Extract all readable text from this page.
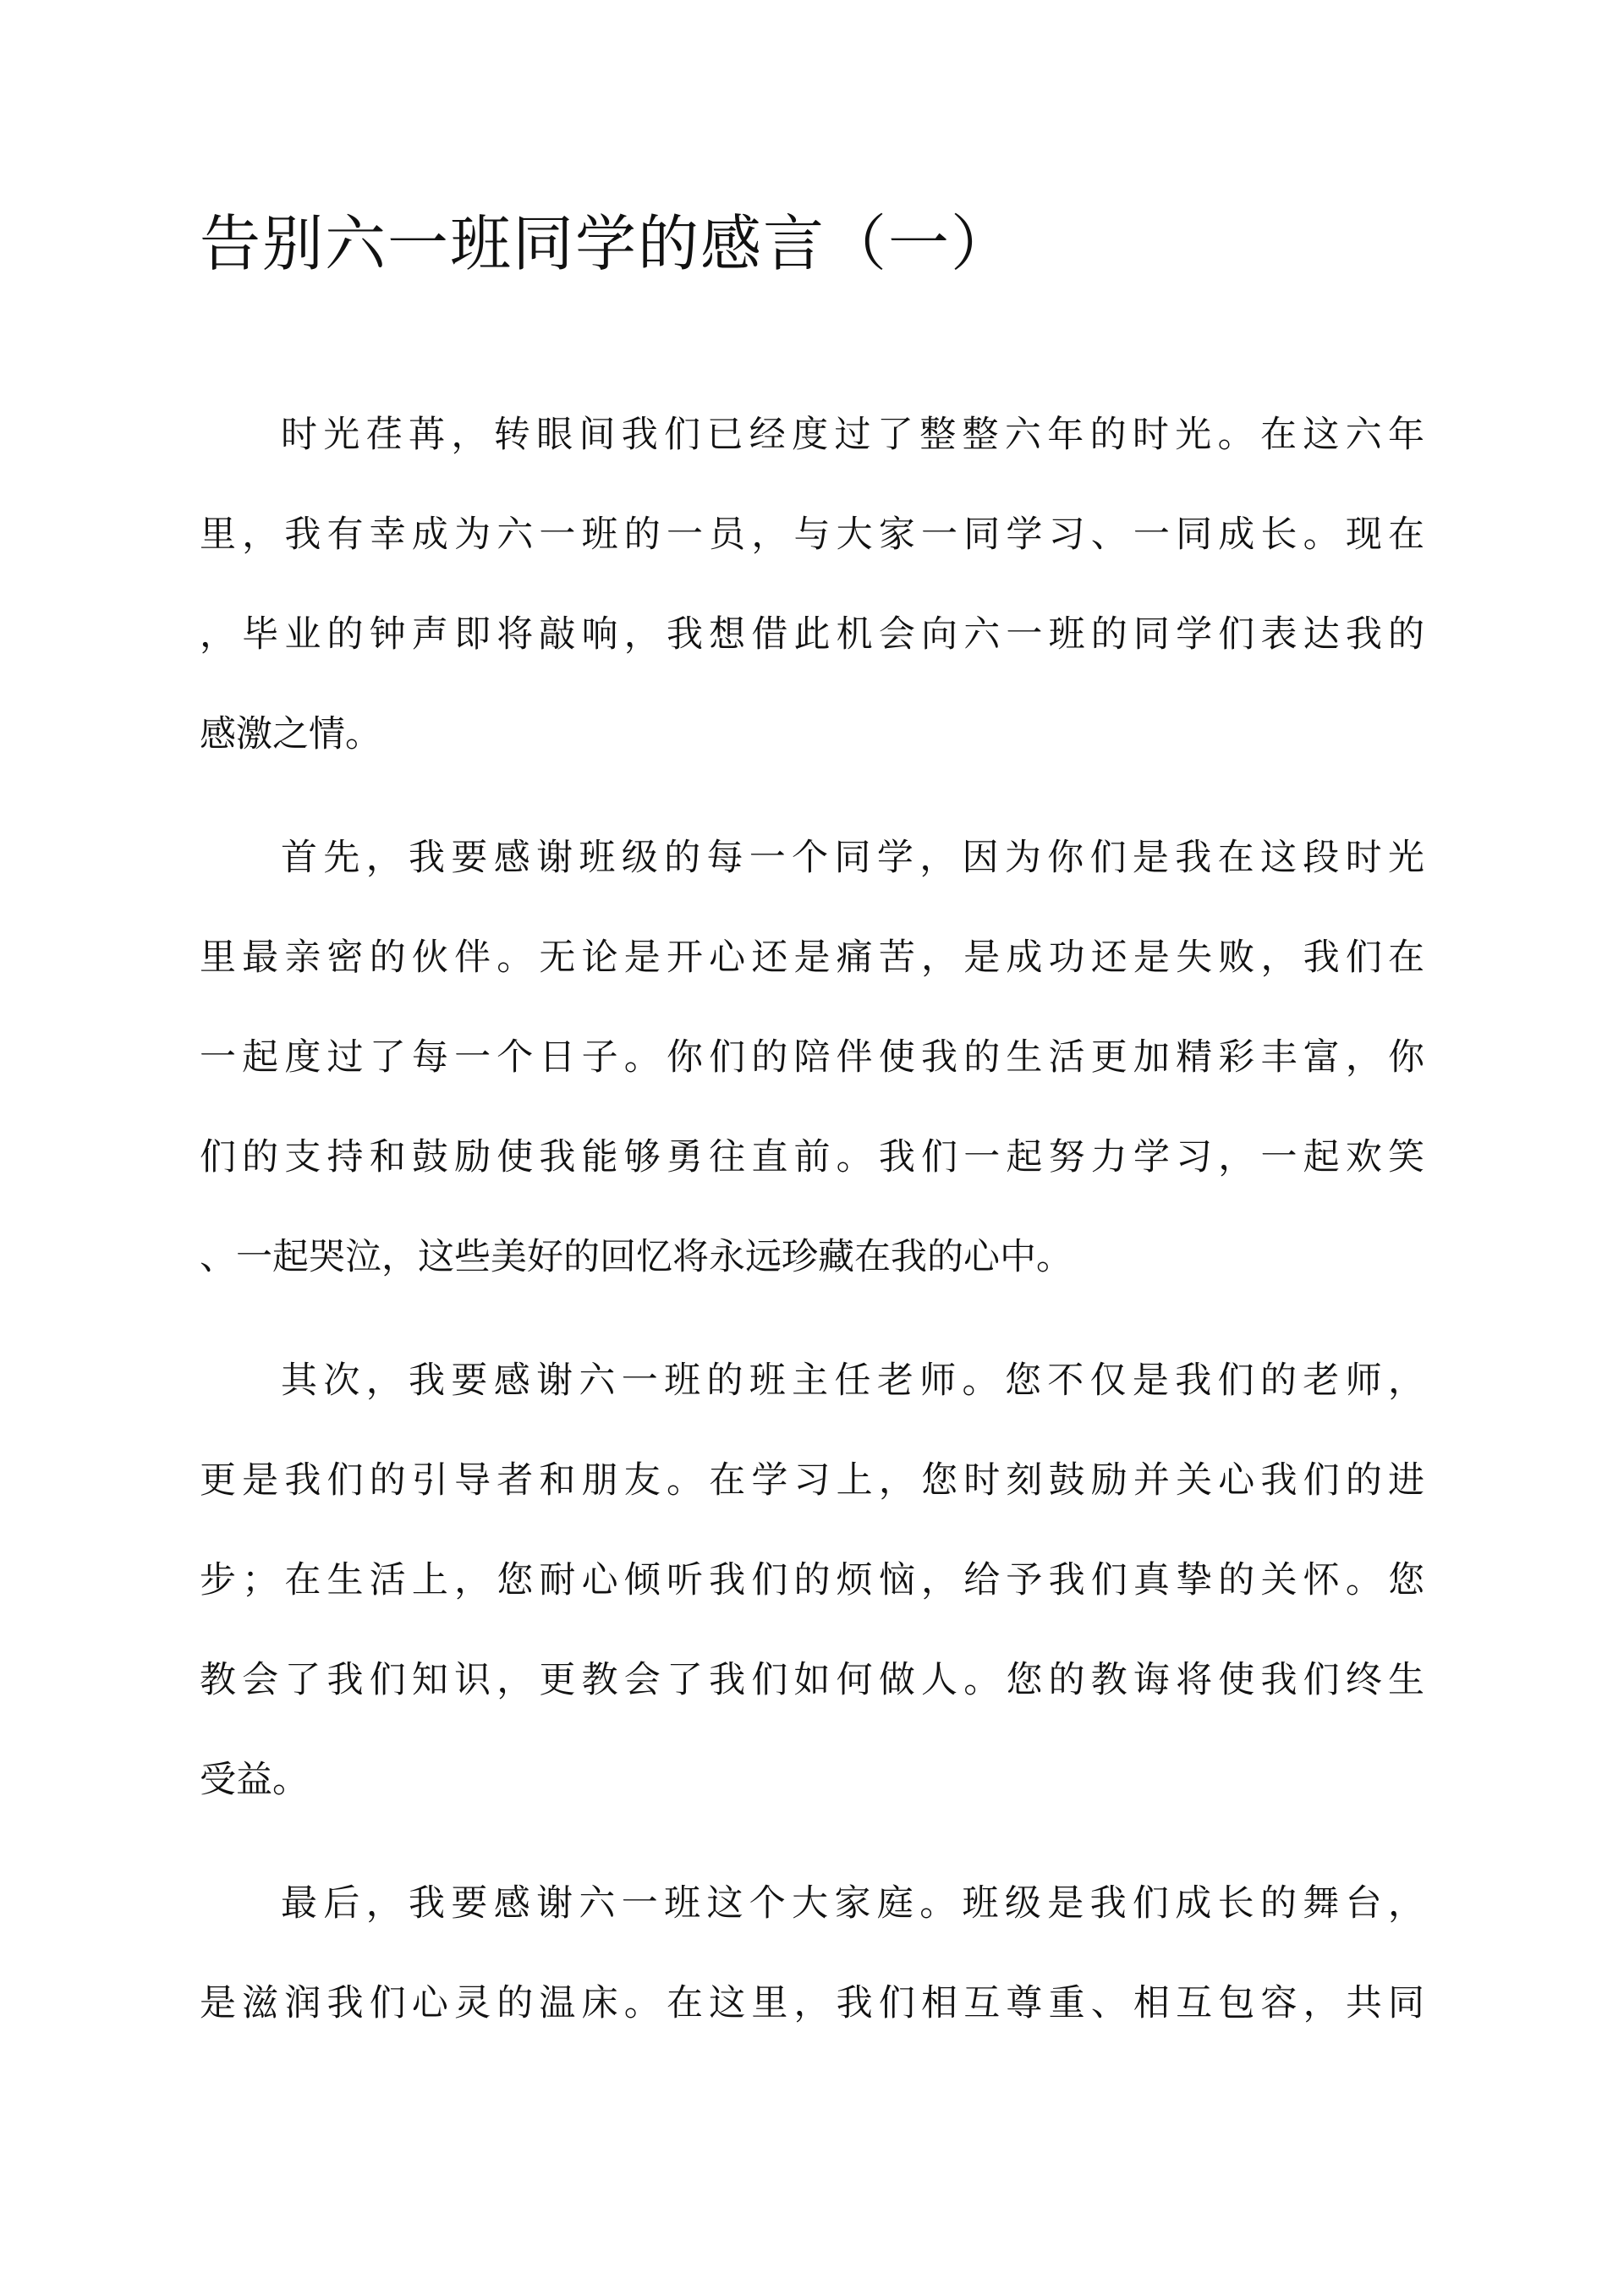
告别六一班同学的感言（一）
时光荏苒，转眼间我们已经度过了整整六年的时光。在这六年
里，我有幸成为六一班的一员，与大家一同学习、一同成长。现在
，毕业的钟声即将敲响，我想借此机会向六一班的同学们表达我的
感激之情。
首先，我要感谢班级的每一个同学，因为你们是我在这段时光
里最亲密的伙伴。无论是开心还是痛苦，是成功还是失败，我们在
一起度过了每一个日子。你们的陪伴使我的生活更加精彩丰富，你
们的支持和鼓励使我能够勇往直前。我们一起努力学习，一起欢笑
、一起哭泣，这些美好的回忆将永远珍藏在我的心中。
其次，我要感谢六一班的班主任老师。您不仅是我们的老师，
更是我们的引导者和朋友。在学习上，您时刻鼓励并关心我们的进
步；在生活上，您耐心倾听我们的烦恼，给予我们真挚的关怀。您
教会了我们知识，更教会了我们如何做人。您的教诲将使我们终生
受益。
最后，我要感谢六一班这个大家庭。班级是我们成长的舞台，
是滋润我们心灵的温床。在这里，我们相互尊重、相互包容，共同
